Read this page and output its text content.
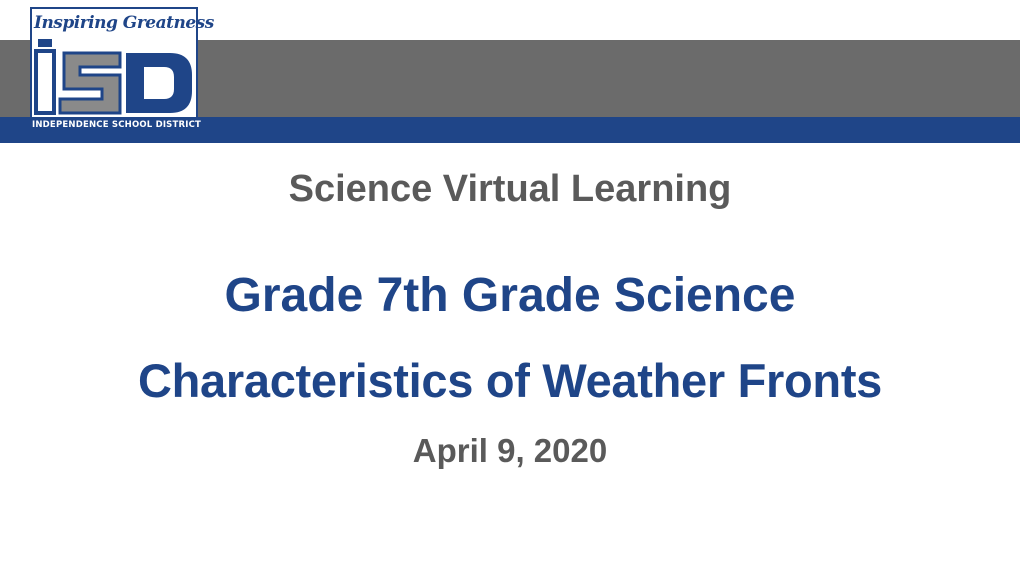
Inspiring Greatness
INDEPENDENCE SCHOOL DISTRICT
Science Virtual Learning
Grade 7th Grade Science
Characteristics of Weather Fronts
April 9, 2020
